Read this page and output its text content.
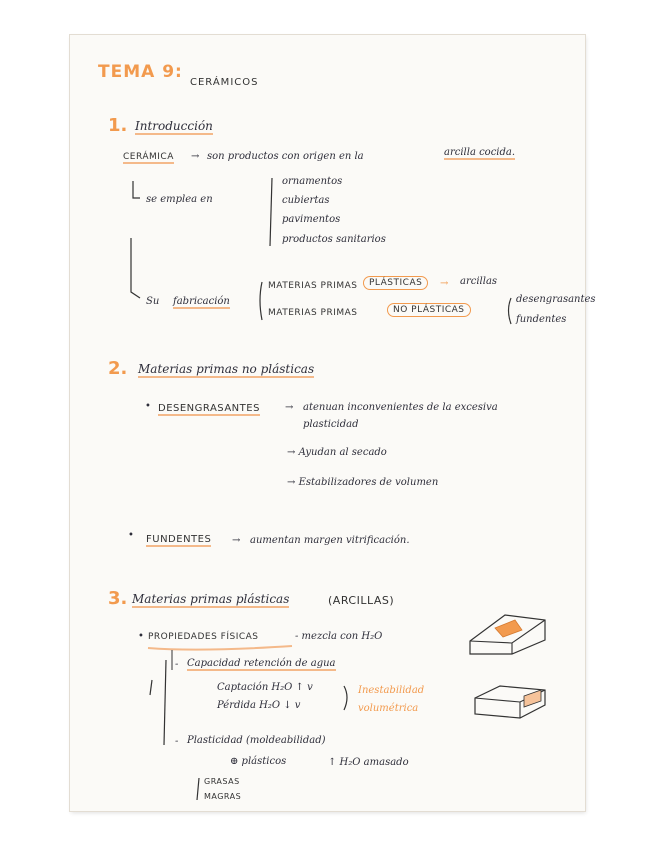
TEMA 9:
CERÁMICOS
1. Introducción
CERÁMICA → son productos con origen en la	arcilla cocida.
se emplea en
ornamentos
cubiertas
pavimentos
productos sanitarios
Su fabricación
MATERIAS PRIMAS	PLÁSTICAS	→ arcillas
MATERIAS PRIMAS	NO PLÁSTICAS
desengrasantes
fundentes
2. Materias primas no plásticas
• DESENGRASANTES	→ atenuan inconvenientes de la excesiva
plasticidad
→ Ayudan al secado
→ Estabilizadores de volumen
• FUNDENTES → aumentan margen vitrificación.
3. Materias primas plásticas	(ARCILLAS)
• PROPIEDADES FÍSICAS	- mezcla con H₂O
- Capacidad retención de agua
Captación H₂O ↑ v
Pérdida H₂O ↓ v
Inestabilidad
volumétrica
- Plasticidad (moldeabilidad)
⊕ plásticos	↑ H₂O amasado
GRASAS
MAGRAS
